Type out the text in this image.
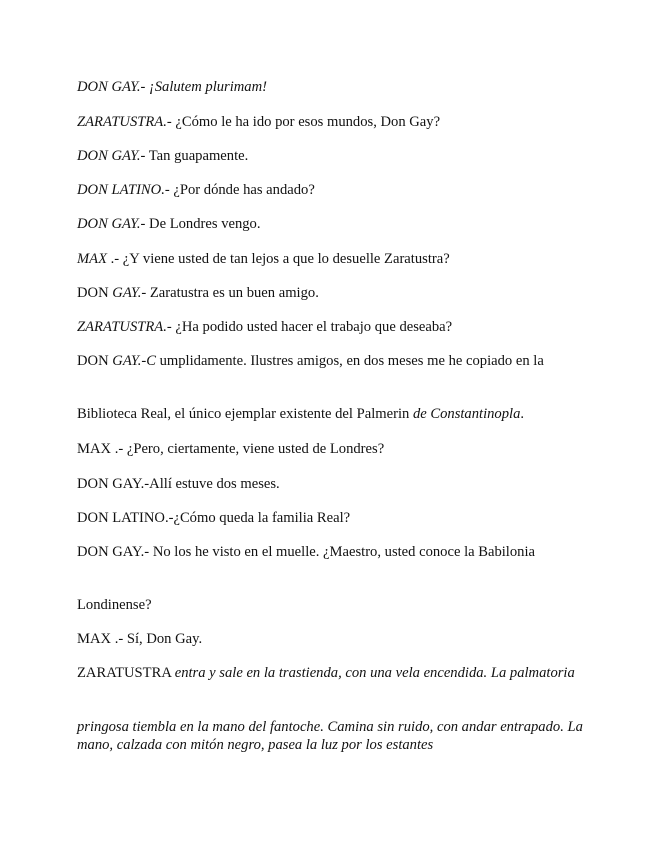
DON GAY.- ¡Salutem plurimam!

ZARATUSTRA.- ¿Cómo le ha ido por esos mundos, Don Gay?

DON GAY.- Tan guapamente.

DON LATINO.- ¿Por dónde has andado?

DON GAY.- De Londres vengo.

MAX .- ¿Y viene usted de tan lejos a que lo desuelle Zaratustra?

DON GAY.- Zaratustra es un buen amigo.

ZARATUSTRA.- ¿Ha podido usted hacer el trabajo que deseaba?

DON GAY.-C umplidamente. Ilustres amigos, en dos meses me he copiado en la

Biblioteca Real, el único ejemplar existente del Palmerin de Constantinopla.

MAX .- ¿Pero, ciertamente, viene usted de Londres?

DON GAY.-Allí estuve dos meses.

DON LATINO.-¿Cómo queda la familia Real?

DON GAY.- No los he visto en el muelle. ¿Maestro, usted conoce la Babilonia

Londinense?

MAX .- Sí, Don Gay.

ZARATUSTRA entra y sale en la trastienda, con una vela encendida. La palmatoria

pringosa tiembla en la mano del fantoche. Camina sin ruido, con andar entrapado. La mano, calzada con mitón negro, pasea la luz por los estantes
